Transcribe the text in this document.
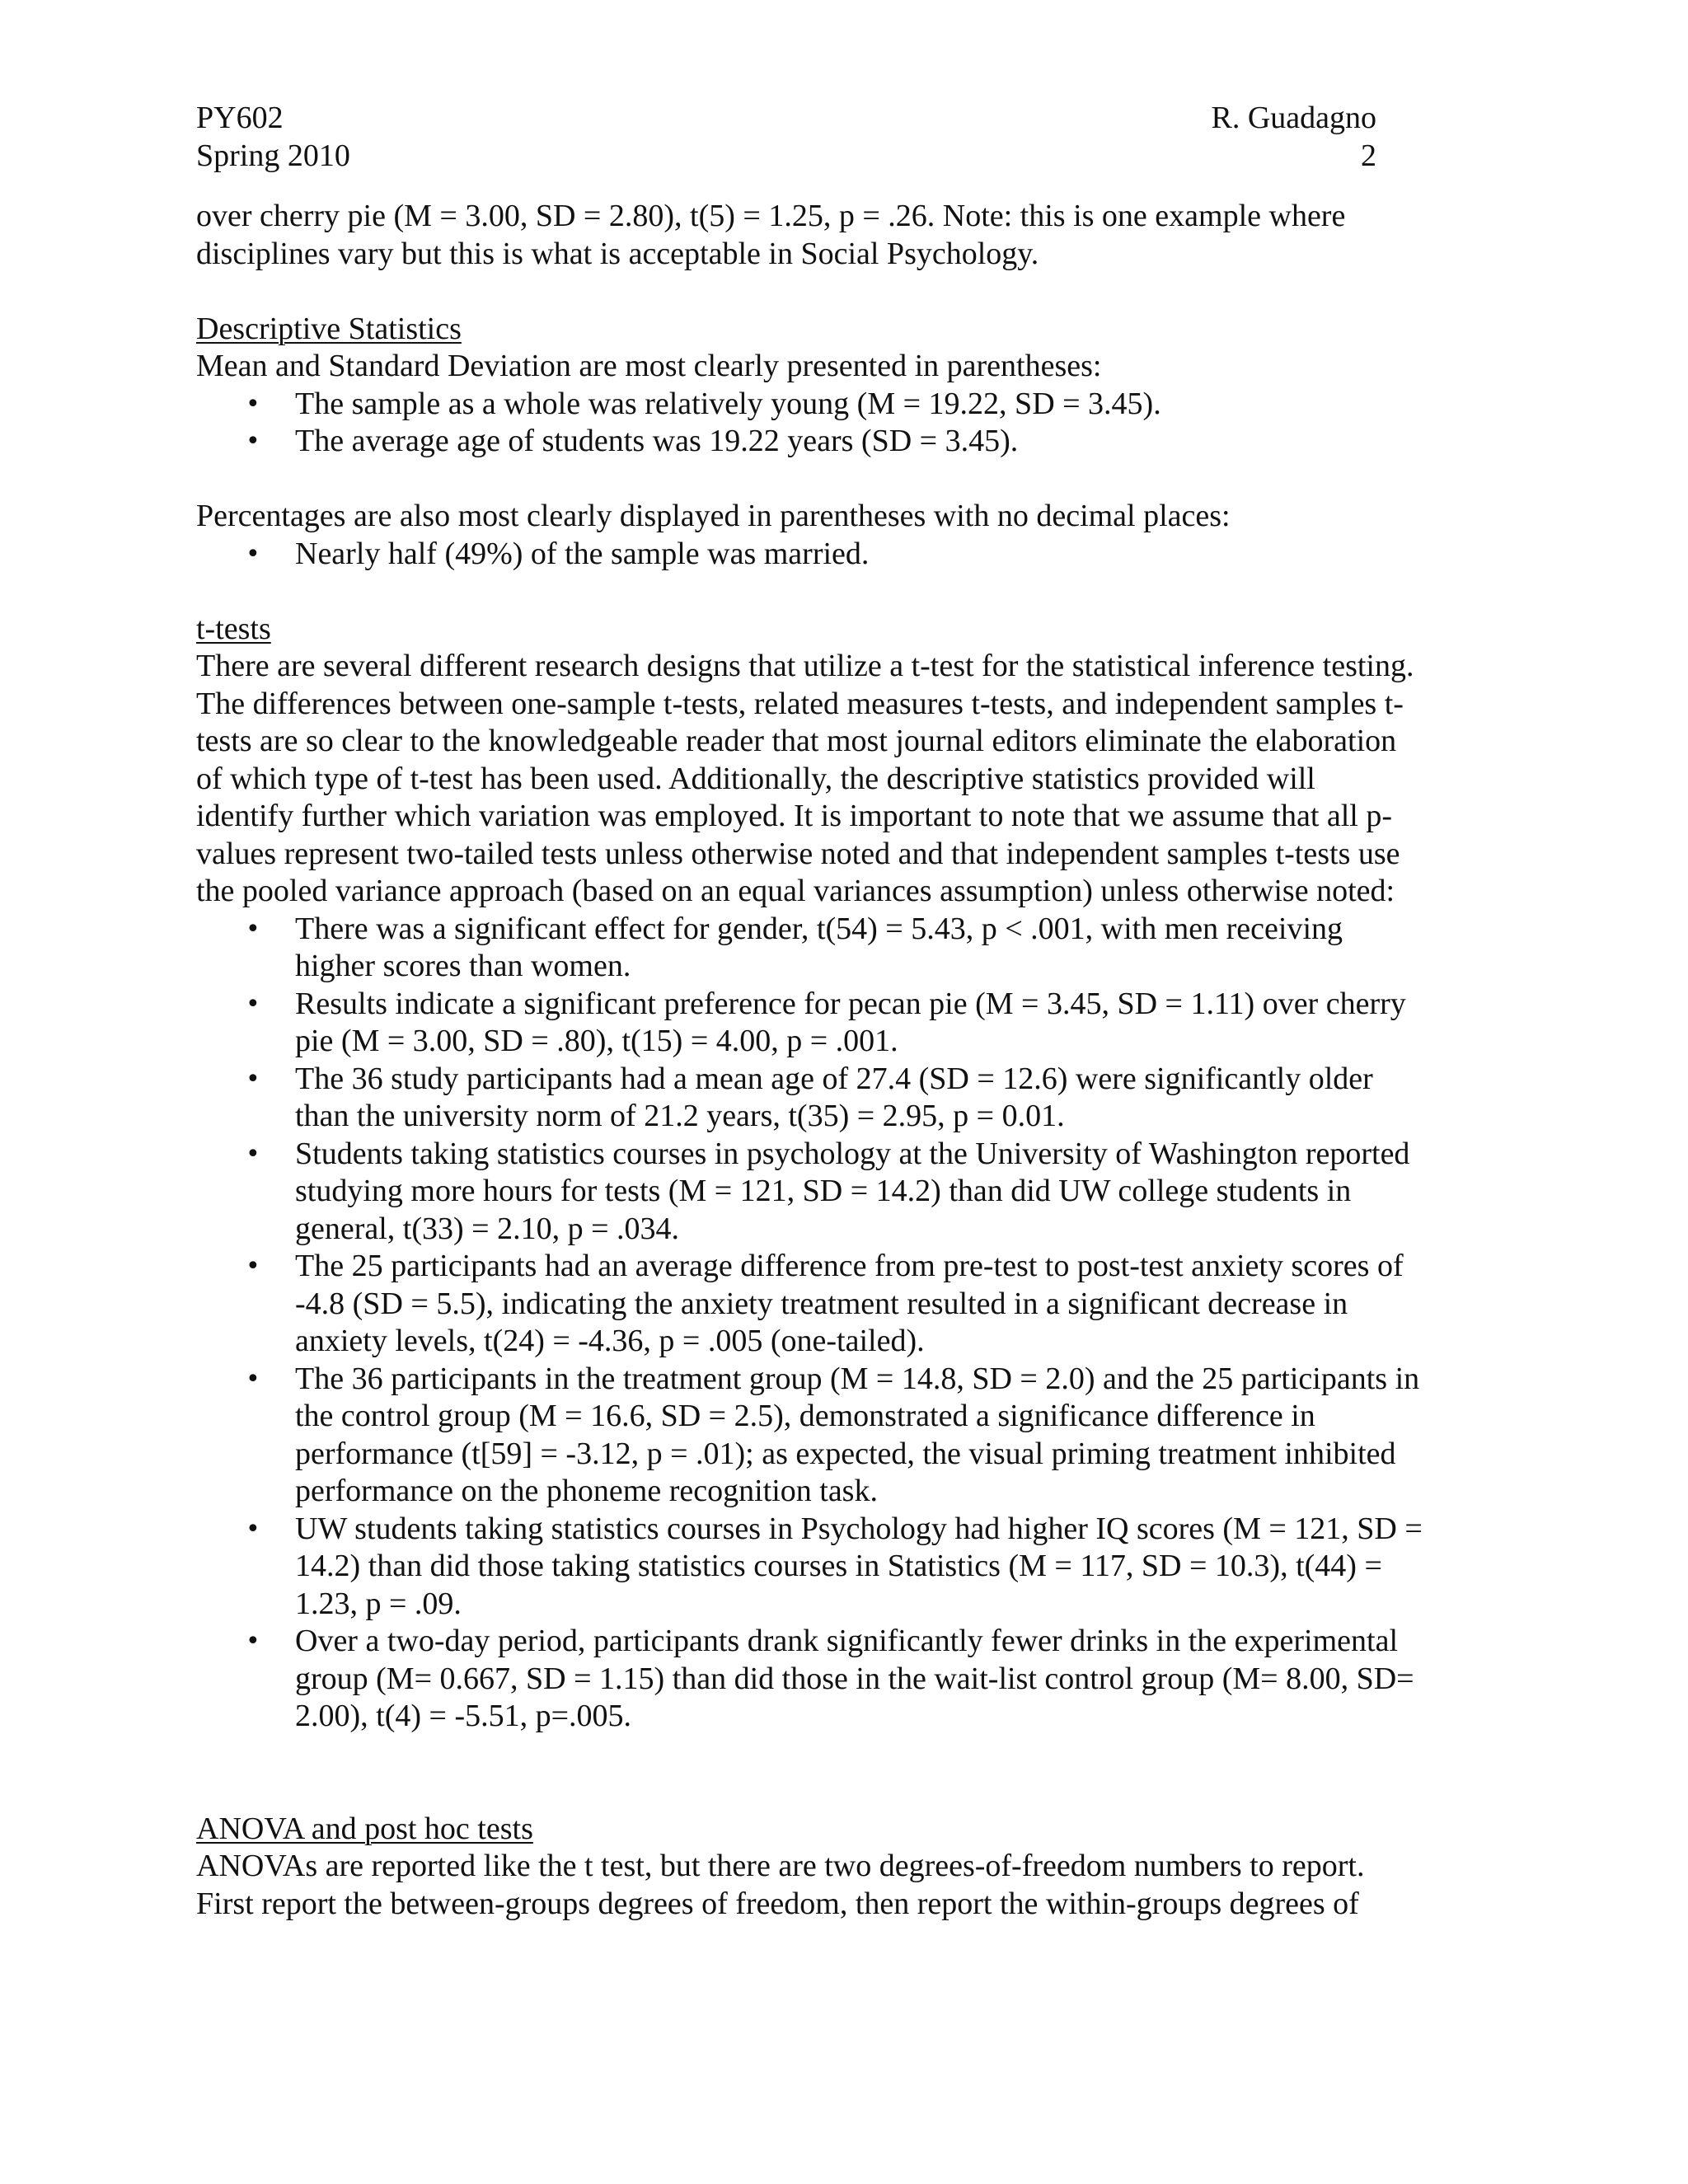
PY602	R. Guadagno
Spring 2010	2
over cherry pie (M = 3.00, SD = 2.80), t(5) = 1.25, p = .26. Note: this is one example where
disciplines vary but this is what is acceptable in Social Psychology.
Descriptive Statistics
Mean and Standard Deviation are most clearly presented in parentheses:
• The sample as a whole was relatively young (M = 19.22, SD = 3.45).
• The average age of students was 19.22 years (SD = 3.45).
Percentages are also most clearly displayed in parentheses with no decimal places:
• Nearly half (49%) of the sample was married.
t-tests
There are several different research designs that utilize a t-test for the statistical inference testing.
The differences between one-sample t-tests, related measures t-tests, and independent samples t-
tests are so clear to the knowledgeable reader that most journal editors eliminate the elaboration
of which type of t-test has been used. Additionally, the descriptive statistics provided will
identify further which variation was employed. It is important to note that we assume that all p-
values represent two-tailed tests unless otherwise noted and that independent samples t-tests use
the pooled variance approach (based on an equal variances assumption) unless otherwise noted:
• There was a significant effect for gender, t(54) = 5.43, p < .001, with men receiving
higher scores than women.
• Results indicate a significant preference for pecan pie (M = 3.45, SD = 1.11) over cherry
pie (M = 3.00, SD = .80), t(15) = 4.00, p = .001.
• The 36 study participants had a mean age of 27.4 (SD = 12.6) were significantly older
than the university norm of 21.2 years, t(35) = 2.95, p = 0.01.
• Students taking statistics courses in psychology at the University of Washington reported
studying more hours for tests (M = 121, SD = 14.2) than did UW college students in
general, t(33) = 2.10, p = .034.
• The 25 participants had an average difference from pre-test to post-test anxiety scores of
-4.8 (SD = 5.5), indicating the anxiety treatment resulted in a significant decrease in
anxiety levels, t(24) = -4.36, p = .005 (one-tailed).
• The 36 participants in the treatment group (M = 14.8, SD = 2.0) and the 25 participants in
the control group (M = 16.6, SD = 2.5), demonstrated a significance difference in
performance (t[59] = -3.12, p = .01); as expected, the visual priming treatment inhibited
performance on the phoneme recognition task.
• UW students taking statistics courses in Psychology had higher IQ scores (M = 121, SD =
14.2) than did those taking statistics courses in Statistics (M = 117, SD = 10.3), t(44) =
1.23, p = .09.
• Over a two-day period, participants drank significantly fewer drinks in the experimental
group (M= 0.667, SD = 1.15) than did those in the wait-list control group (M= 8.00, SD=
2.00), t(4) = -5.51, p=.005.
ANOVA and post hoc tests
ANOVAs are reported like the t test, but there are two degrees-of-freedom numbers to report.
First report the between-groups degrees of freedom, then report the within-groups degrees of
